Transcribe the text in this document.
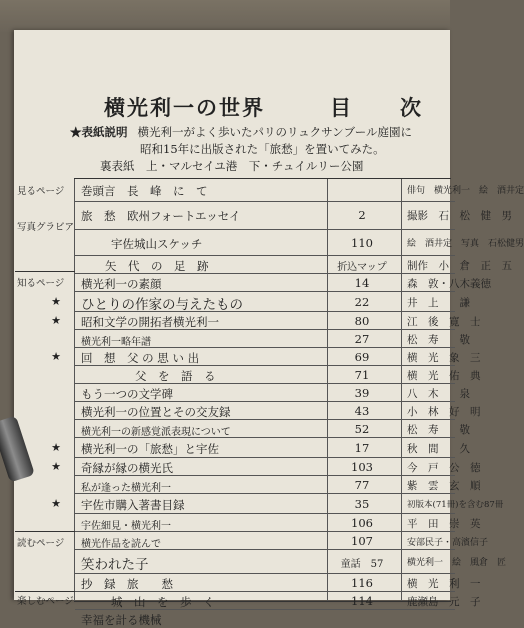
横光利一の世界	目　次
★表紙説明 横光利一がよく歩いたパリのリュクサンブール庭園に
昭和15年に出版された「旅愁」を置いてみた。
裏表紙　上・マルセイユ港　下・チュイルリー公園
見るページ
写真グラビア
知るページ
読むページ
楽しむページ
巻頭言　長　峰　に　て	俳句　横光利一　絵　酒井定
旅　愁　欧州フォートエッセイ	2	撮影　石　松　健　男
宇佐城山スケッチ	110	絵　酒井定　写真　石松健男
矢　代　の　足　跡	折込マップ	制作　小　倉　正　五
横光利一の素顔	14	森　敦・八木義徳
★ ひとりの作家の与えたもの	22	井　上　　謙
★ 昭和文学の開拓者横光利一	80	江　後　寛　士
横光利一略年譜	27	松　寿　　敬
★ 回　想　父 の 思 い 出	69	横　光　象　三
父　を　語　る	71	横　光　佑　典
もう一つの文学碑	39	八　木　　泉
横光利一の位置とその交友録	43	小　林　好　明
横光利一の新感覚派表現について	52	松　寿　　敬
★ 横光利一の「旅愁」と宇佐	17	秋　間　　久
★ 奇縁が縁の横光氏	103	今　戸　公　徳
私が逢った横光利一	77	紫　雲　玄　順
★ 宇佐市購入著書目録	35	初版本(71冊)を含む87冊
宇佐細見・横光利一	106	平　田　崇　英
横光作品を読んで	107	安部民子・高濱信子
笑われた子	童話　57	横光利一　絵　風倉　匠
抄　録　旅　　愁	116	横　光　利　一
城　山　を　歩　く	114	鹿瀬島　元　子
幸福を計る機械
